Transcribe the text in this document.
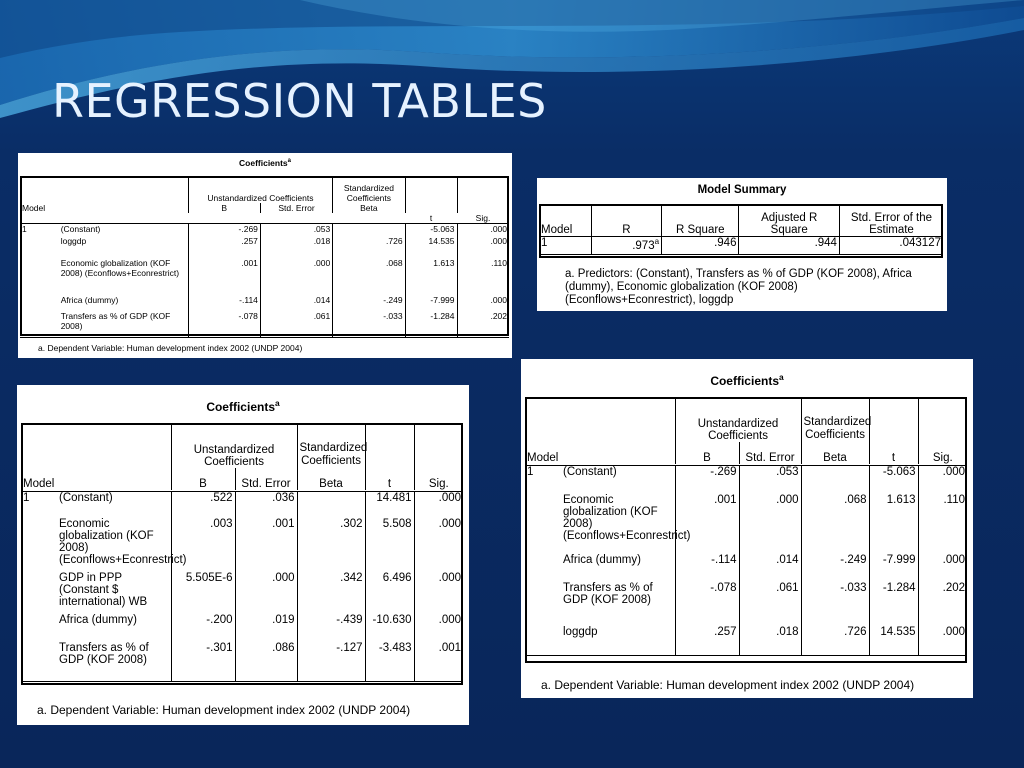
REGRESSION TABLES
Coefficients$^a$
Model		Unstandardized Coefficients		Standardized Coefficients		
		B	Std. Error	Beta		
					t	Sig.
1	(Constant)	-.269	.053		-5.063	.000
	loggdp	.257	.018	.726	14.535	.000
	Economic globalization (KOF 2008) (Econflows+Econrestrict)	.001	.000	.068	1.613	.110
	Africa (dummy)	-.114	.014	-.249	-7.999	.000
	Transfers as % of GDP (KOF 2008)	-.078	.061	-.033	-1.284	.202
a. Dependent Variable: Human development index 2002 (UNDP 2004)
Model Summary
Model	R	R Square	Adjusted R Square	Std. Error of the Estimate
1	.973$^a$	.946	.944	.043127
a. Predictors: (Constant), Transfers as % of GDP (KOF 2008), Africa (dummy), Economic globalization (KOF 2008) (Econflows+Econrestrict), loggdp
Coefficients$^a$
Model		Unstandardized Coefficients		Standardized Coefficients	t	Sig.
		B	Std. Error	Beta		

1	(Constant)	.522	.036		14.481	.000
	Economic globalization (KOF 2008) (Econflows+Econrestrict)	.003	.001	.302	5.508	.000
	GDP in PPP (Constant $ international) WB	5.505E-6	.000	.342	6.496	.000
	Africa (dummy)	-.200	.019	-.439	-10.630	.000
	Transfers as % of GDP (KOF 2008)	-.301	.086	-.127	-3.483	.001
a. Dependent Variable: Human development index 2002 (UNDP 2004)
Coefficients$^a$
Model		Unstandardized Coefficients		Standardized Coefficients	t	Sig.
		B	Std. Error	Beta		

1	(Constant)	-.269	.053		-5.063	.000
	Economic globalization (KOF 2008) (Econflows+Econrestrict)	.001	.000	.068	1.613	.110
	Africa (dummy)	-.114	.014	-.249	-7.999	.000
	Transfers as % of GDP (KOF 2008)	-.078	.061	-.033	-1.284	.202
	loggdp	.257	.018	.726	14.535	.000
a. Dependent Variable: Human development index 2002 (UNDP 2004)
